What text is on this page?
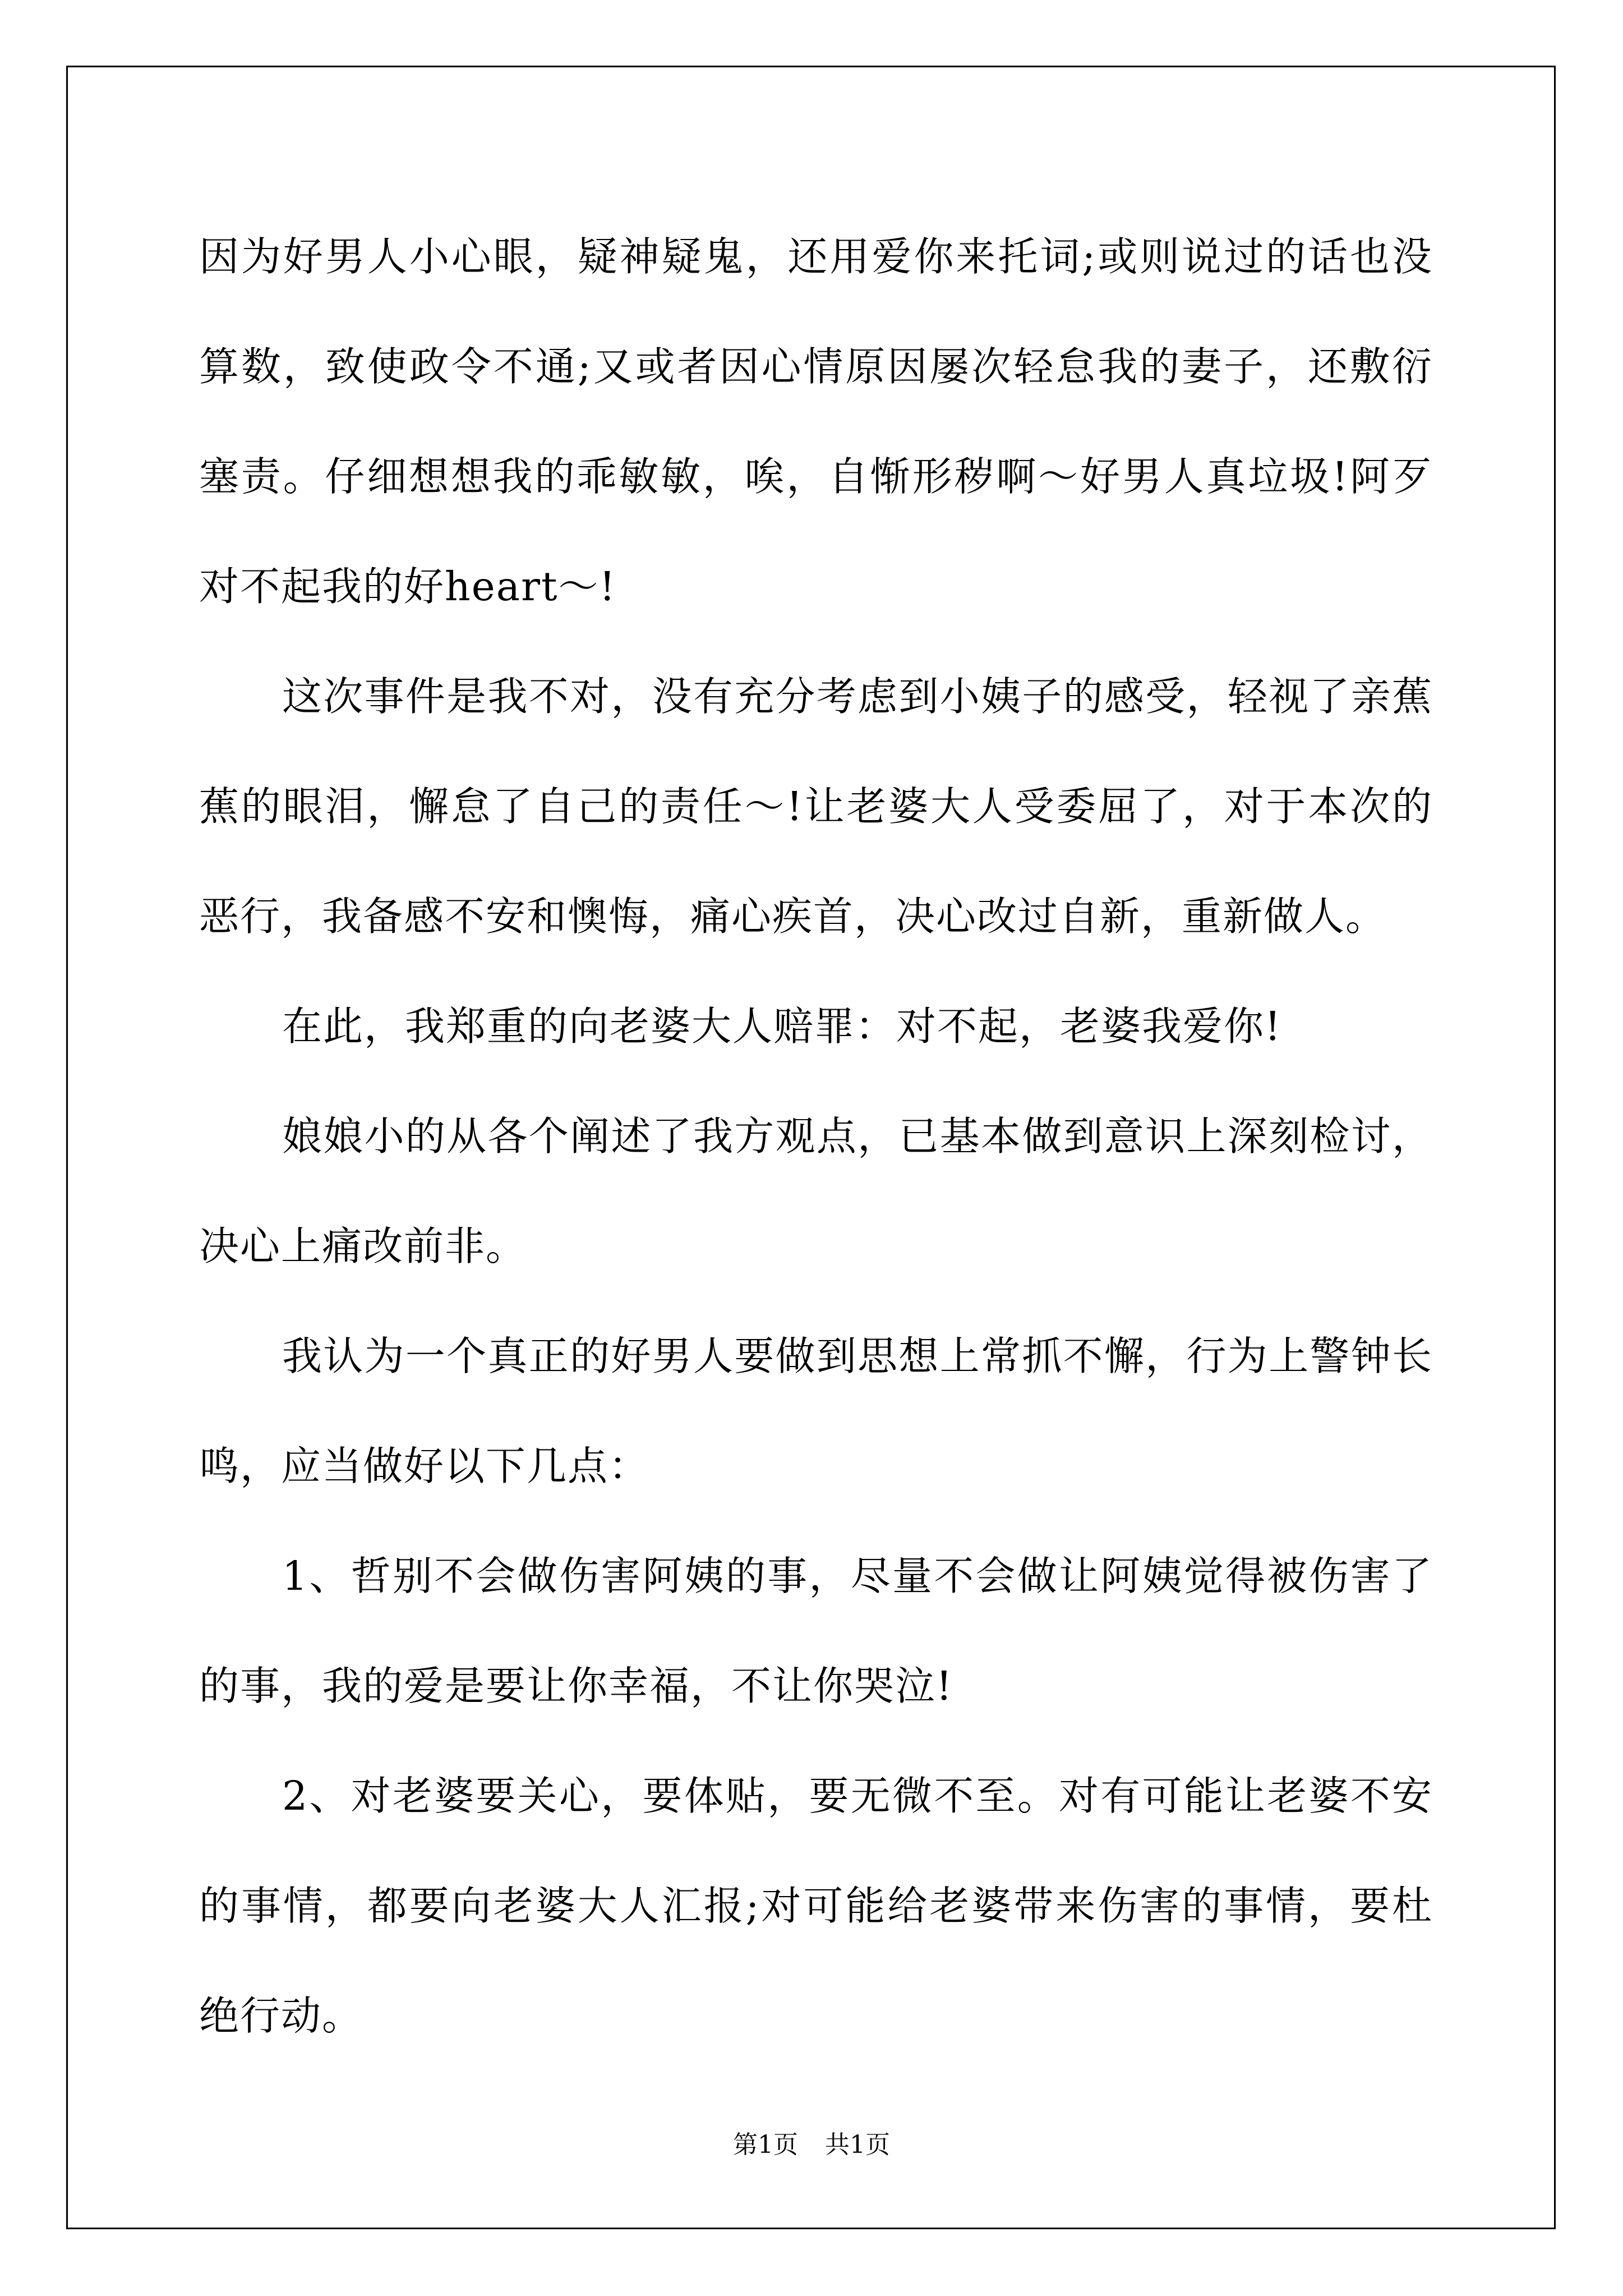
因为好男人小心眼，疑神疑鬼，还用爱你来托词;或则说过的话也没算数，致使政令不通;又或者因心情原因屡次轻怠我的妻子，还敷衍塞责。仔细想想我的乖敏敏，唉，自惭形秽啊～好男人真垃圾!阿歹对不起我的好heart～!

这次事件是我不对，没有充分考虑到小姨子的感受，轻视了亲蕉蕉的眼泪，懈怠了自己的责任～!让老婆大人受委屈了，对于本次的恶行，我备感不安和懊悔，痛心疾首，决心改过自新，重新做人。

在此，我郑重的向老婆大人赔罪：对不起，老婆我爱你!

娘娘小的从各个阐述了我方观点，已基本做到意识上深刻检讨，决心上痛改前非。

我认为一个真正的好男人要做到思想上常抓不懈，行为上警钟长鸣，应当做好以下几点：

1、哲别不会做伤害阿姨的事，尽量不会做让阿姨觉得被伤害了的事，我的爱是要让你幸福，不让你哭泣!

2、对老婆要关心，要体贴，要无微不至。对有可能让老婆不安的事情，都要向老婆大人汇报;对可能给老婆带来伤害的事情，要杜绝行动。

第1页 共1页
